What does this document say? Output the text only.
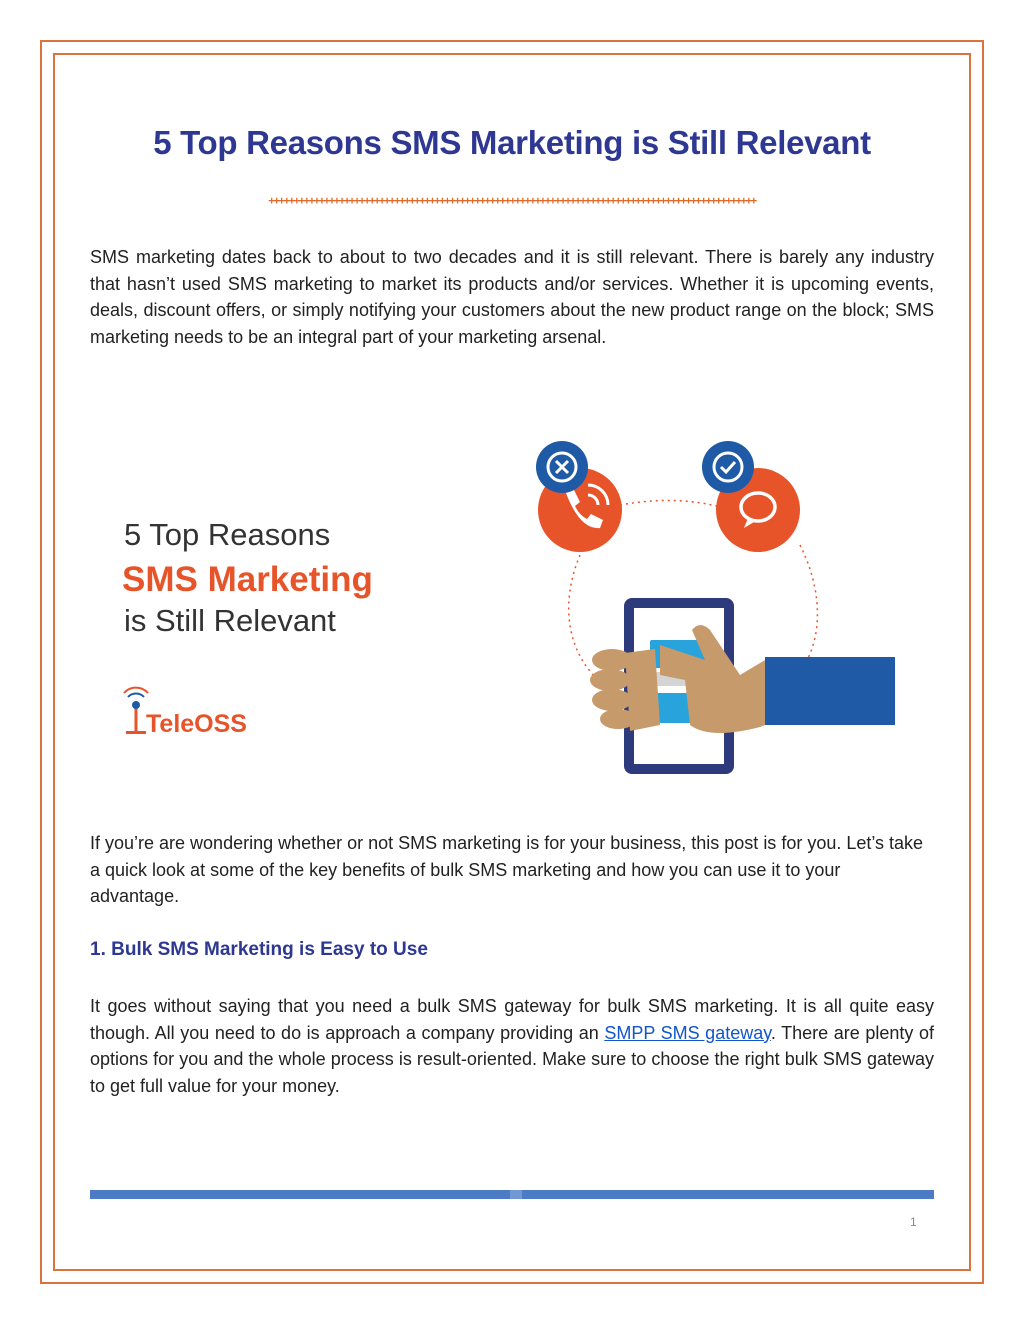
5 Top Reasons SMS Marketing is Still Relevant
+++++++++++++++++++++++++++++++++++++++++++++++++++++++++++++++++++++++++++++++++++++++++++++++++

SMS marketing dates back to about to two decades and it is still relevant. There is barely any industry that hasn’t used SMS marketing to market its products and/or services. Whether it is upcoming events, deals, discount offers, or simply notifying your customers about the new product range on the block; SMS marketing needs to be an integral part of your marketing arsenal.

5 Top Reasons
SMS Marketing
is Still Relevant
TeleOSS

If you’re are wondering whether or not SMS marketing is for your business, this post is for you. Let’s take a quick look at some of the key benefits of bulk SMS marketing and how you can use it to your advantage.

1. Bulk SMS Marketing is Easy to Use

It goes without saying that you need a bulk SMS gateway for bulk SMS marketing. It is all quite easy though. All you need to do is approach a company providing an SMPP SMS gateway. There are plenty of options for you and the whole process is result-oriented. Make sure to choose the right bulk SMS gateway to get full value for your money.

1
